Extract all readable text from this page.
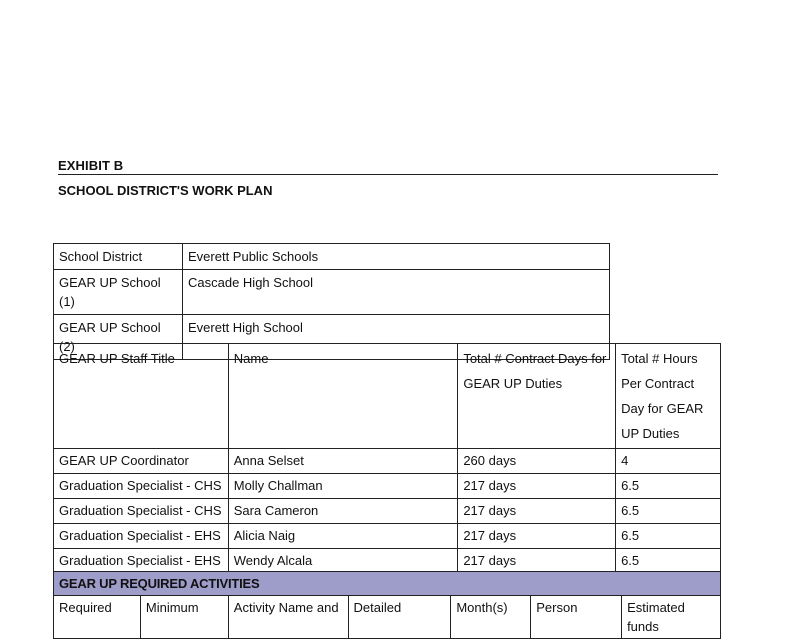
EXHIBIT B
SCHOOL DISTRICT'S WORK PLAN
School District	Everett Public Schools
GEAR UP School (1)	Cascade High School
GEAR UP School (2)	Everett High School
GEAR UP Staff Title	Name	Total # Contract Days for GEAR UP Duties	Total # Hours Per Contract Day for GEAR UP Duties
GEAR UP Coordinator	Anna Selset	260 days	4
Graduation Specialist - CHS	Molly Challman	217 days	6.5
Graduation Specialist - CHS	Sara Cameron	217 days	6.5
Graduation Specialist - EHS	Alicia Naig	217 days	6.5
Graduation Specialist - EHS	Wendy Alcala	217 days	6.5
GEAR UP REQUIRED ACTIVITIES
Required	Minimum	Activity Name and	Detailed	Month(s)	Person	Estimated funds
